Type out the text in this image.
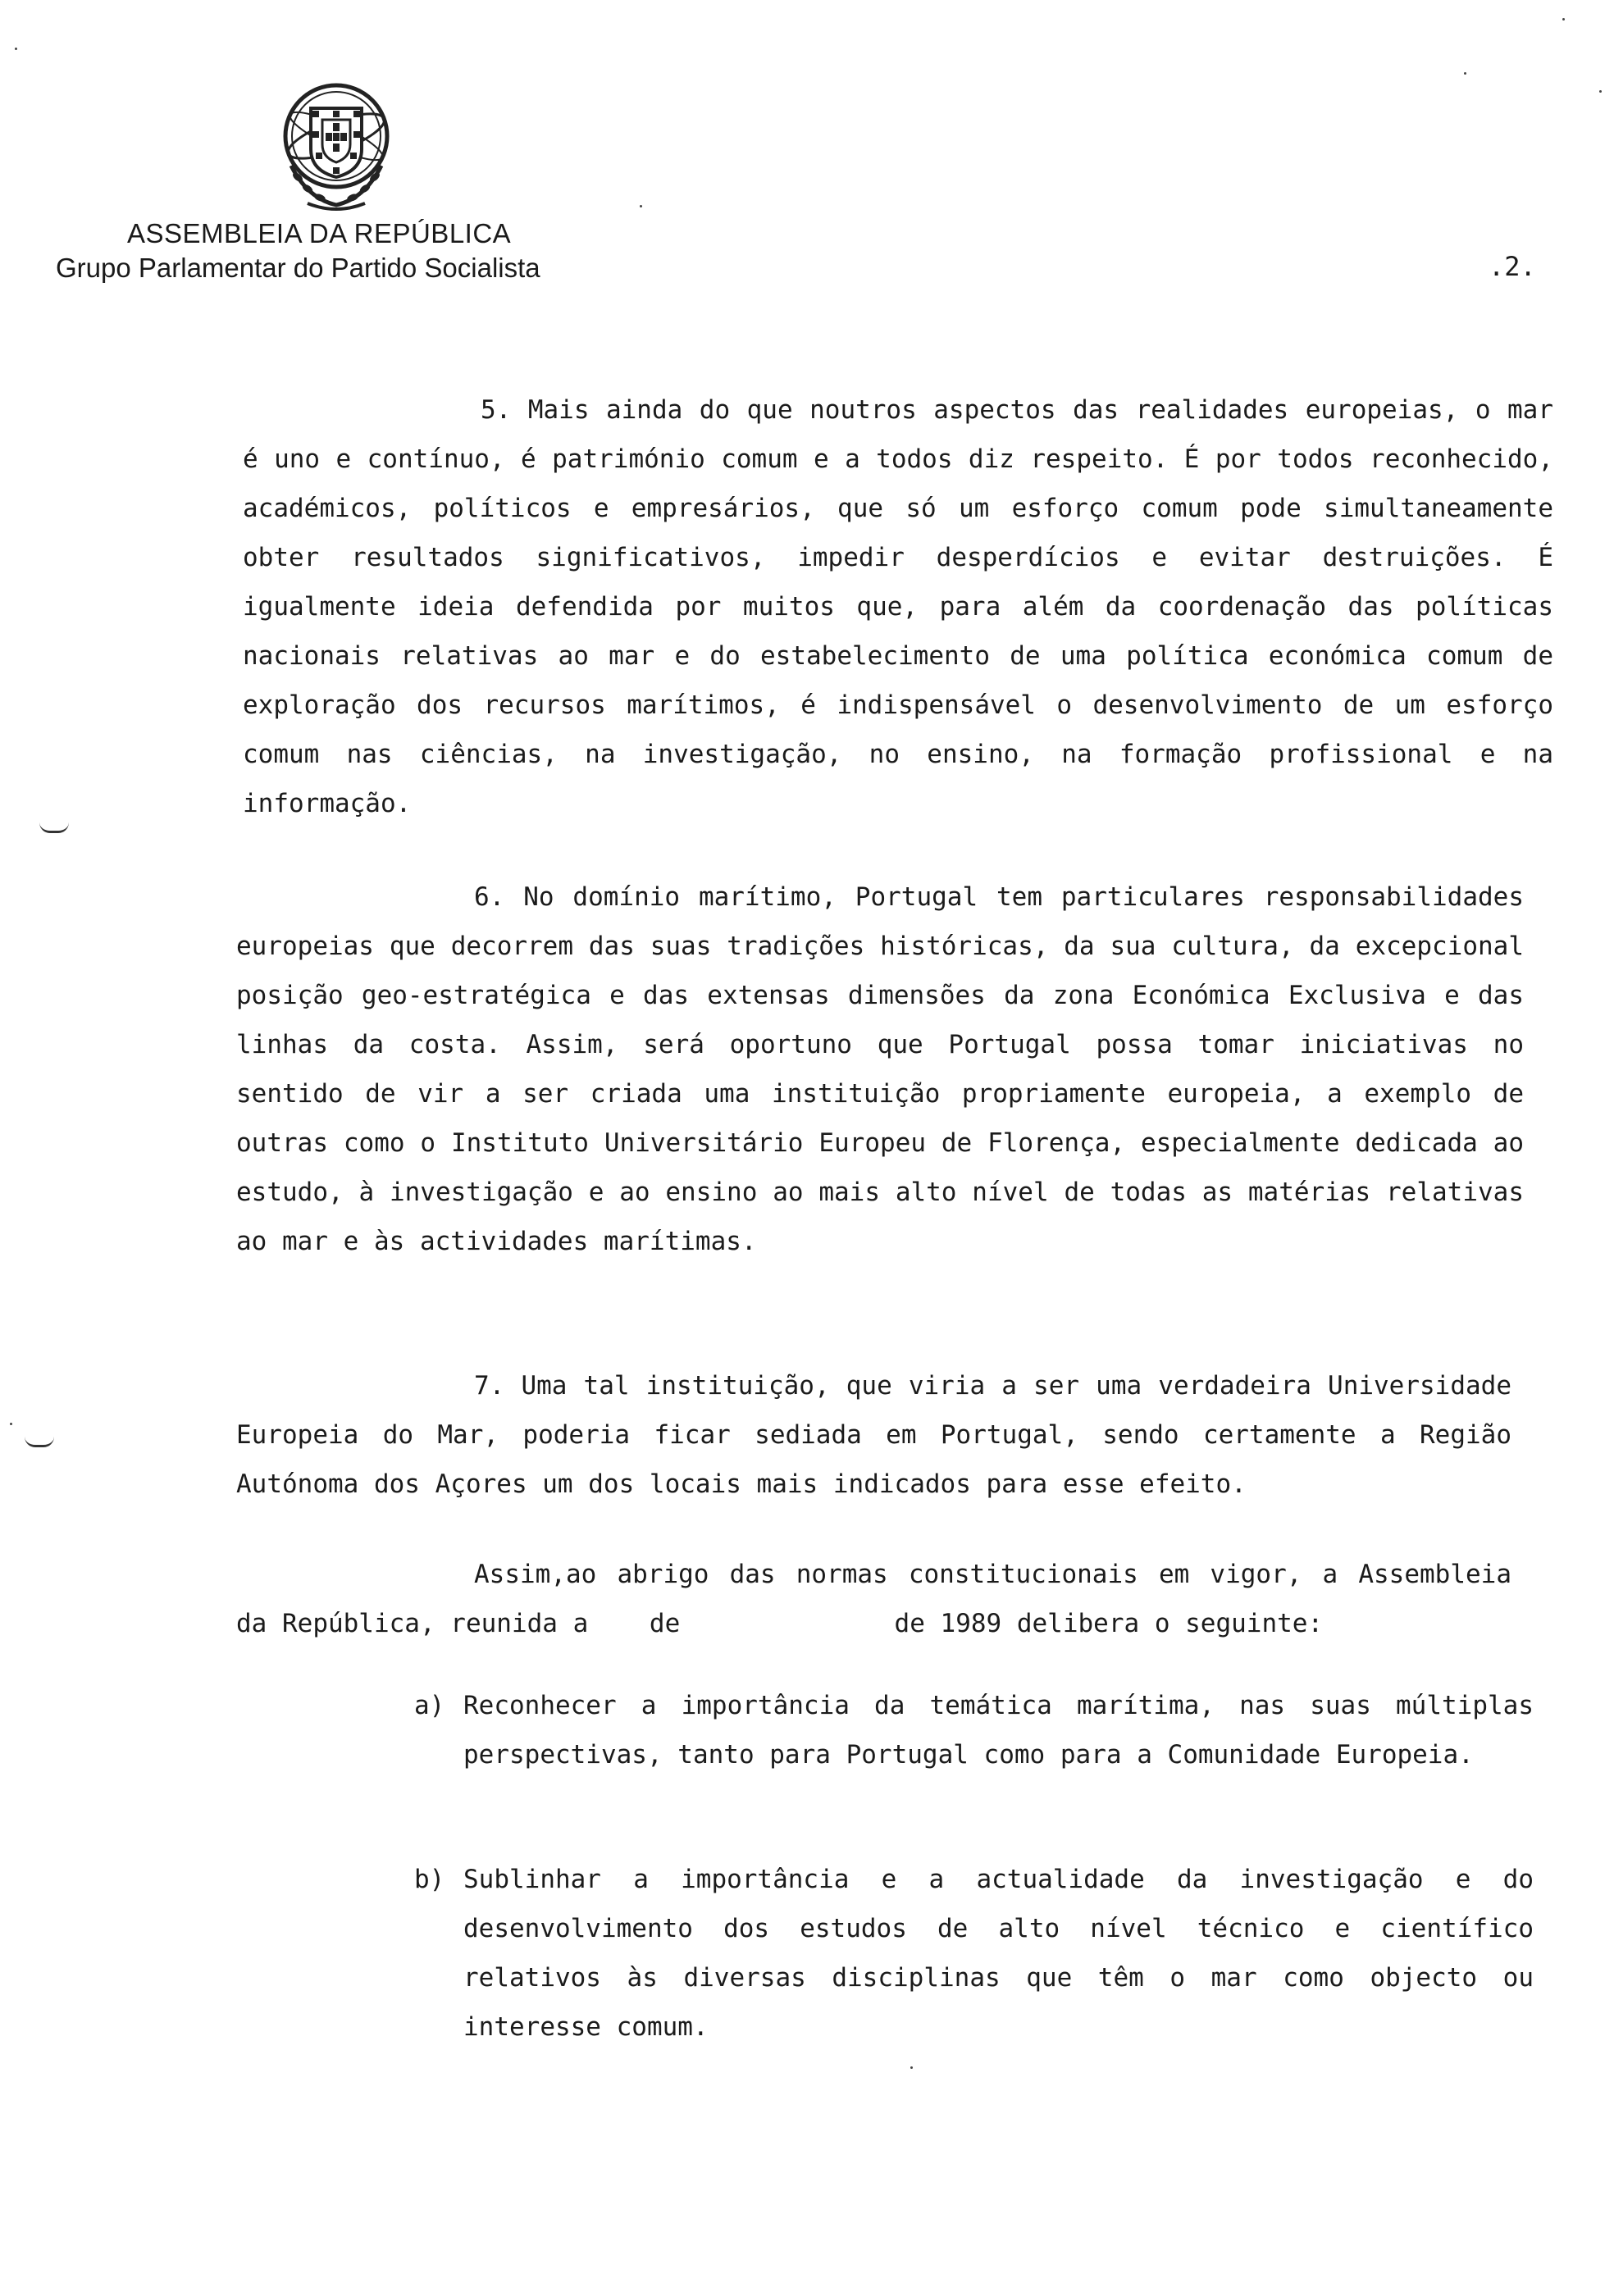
ASSEMBLEIA DA REPÚBLICA
Grupo Parlamentar do Partido Socialista	.2.

5. Mais ainda do que noutros aspectos das realidades europeias, o mar é uno e contínuo, é património comum e a todos diz respeito. É por todos reconhecido, académicos, políticos e empresários, que só um esforço comum pode simultaneamente obter resultados significativos, impedir desperdícios e evitar destruições. É igualmente ideia defendida por muitos que, para além da coordenação das políticas nacionais relativas ao mar e do estabelecimento de uma política económica comum de exploração dos recursos marítimos, é indispensável o desenvolvimento de um esforço comum nas ciências, na investigação, no ensino, na formação profissional e na informação.

6. No domínio marítimo, Portugal tem particulares responsabilidades europeias que decorrem das suas tradições históricas, da sua cultura, da excepcional posição geo-estratégica e das extensas dimensões da zona Económica Exclusiva e das linhas da costa. Assim, será oportuno que Portugal possa tomar iniciativas no sentido de vir a ser criada uma instituição propriamente europeia, a exemplo de outras como o Instituto Universitário Europeu de Florença, especialmente dedicada ao estudo, à investigação e ao ensino ao mais alto nível de todas as matérias relativas ao mar e às actividades marítimas.

7. Uma tal instituição, que viria a ser uma verdadeira Universidade Europeia do Mar, poderia ficar sediada em Portugal, sendo certamente a Região Autónoma dos Açores um dos locais mais indicados para esse efeito.

Assim,ao abrigo das normas constitucionais em vigor, a Assembleia da República, reunida a    de              de 1989 delibera o seguinte:

a) Reconhecer a importância da temática marítima, nas suas múltiplas perspectivas, tanto para Portugal como para a Comunidade Europeia.
b) Sublinhar a importância e a actualidade da investigação e do desenvolvimento dos estudos de alto nível técnico e científico relativos às diversas disciplinas que têm o mar como objecto ou interesse comum.
